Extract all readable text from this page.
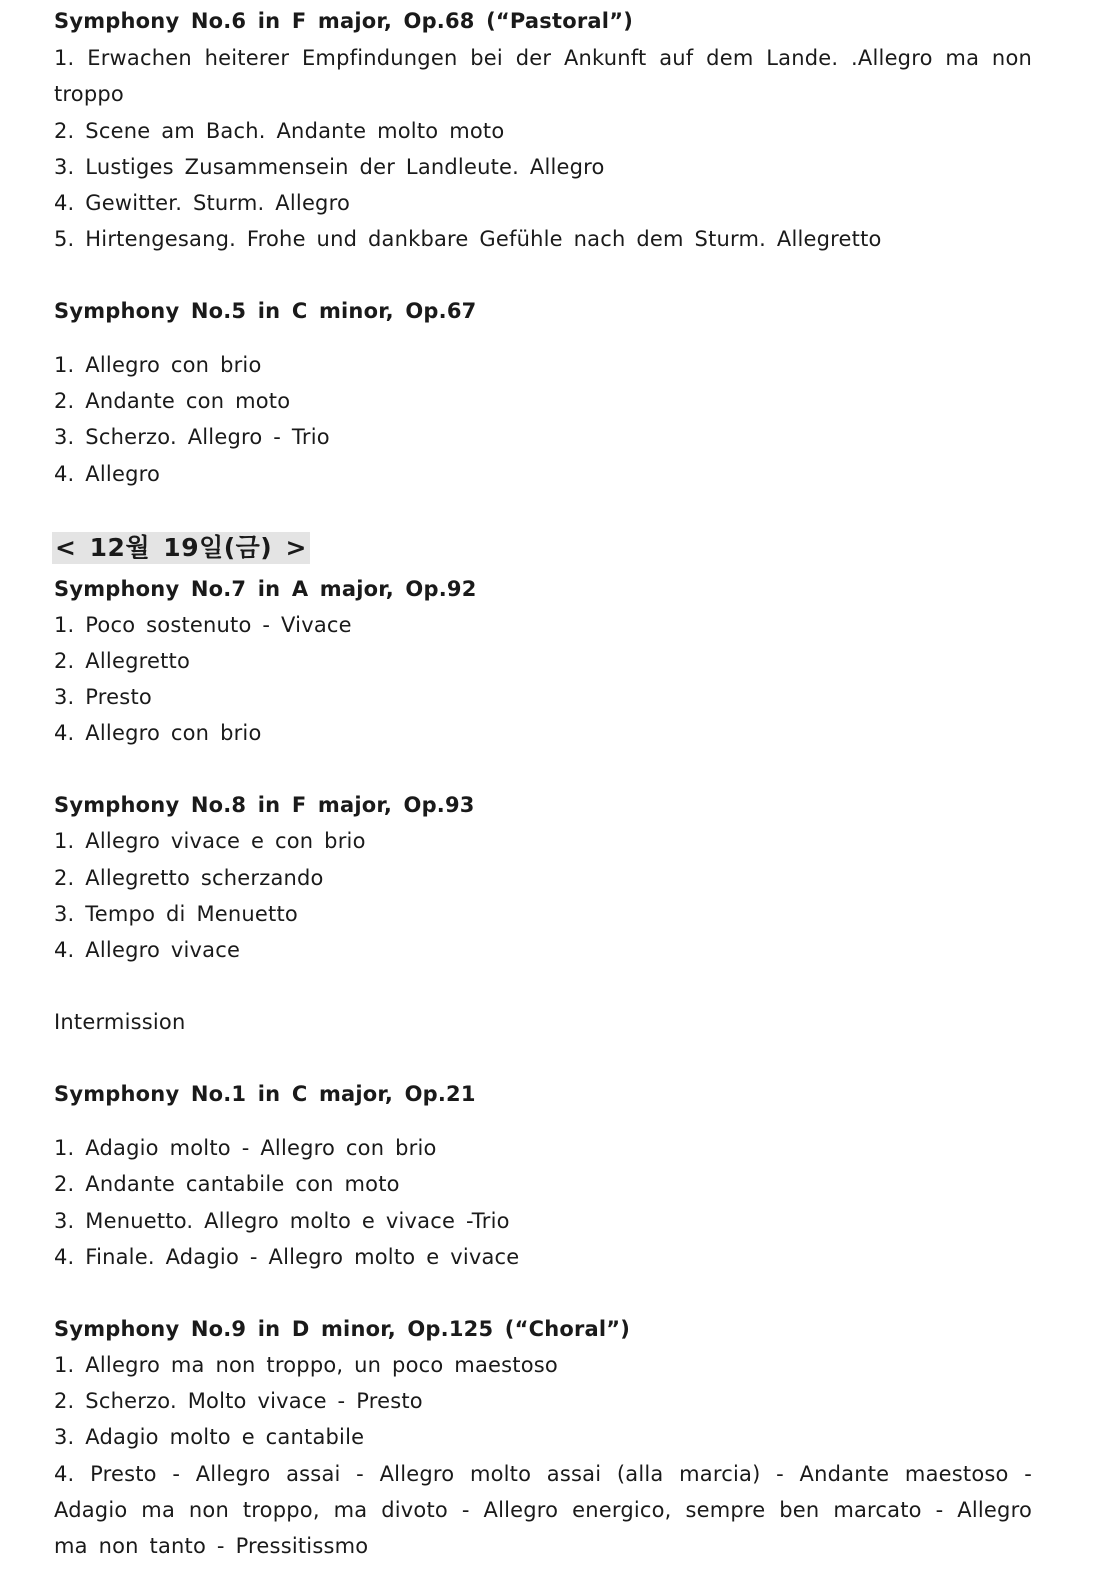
Symphony No.6 in F major, Op.68 (“Pastoral”)
1. Erwachen heiterer Empfindungen bei der Ankunft auf dem Lande. .Allegro ma non
troppo
2. Scene am Bach. Andante molto moto
3. Lustiges Zusammensein der Landleute. Allegro
4. Gewitter. Sturm. Allegro
5. Hirtengesang. Frohe und dankbare Gefühle nach dem Sturm. Allegretto
Symphony No.5 in C minor, Op.67
1. Allegro con brio
2. Andante con moto
3. Scherzo. Allegro - Trio
4. Allegro
< 12월 19일(금) >
Symphony No.7 in A major, Op.92
1. Poco sostenuto - Vivace
2. Allegretto
3. Presto
4. Allegro con brio
Symphony No.8 in F major, Op.93
1. Allegro vivace e con brio
2. Allegretto scherzando
3. Tempo di Menuetto
4. Allegro vivace
Intermission
Symphony No.1 in C major, Op.21
1. Adagio molto - Allegro con brio
2. Andante cantabile con moto
3. Menuetto. Allegro molto e vivace -Trio
4. Finale. Adagio - Allegro molto e vivace
Symphony No.9 in D minor, Op.125 (“Choral”)
1. Allegro ma non troppo, un poco maestoso
2. Scherzo. Molto vivace - Presto
3. Adagio molto e cantabile
4. Presto - Allegro assai - Allegro molto assai (alla marcia) - Andante maestoso -
Adagio ma non troppo, ma divoto - Allegro energico, sempre ben marcato - Allegro
ma non tanto - Pressitissmo
